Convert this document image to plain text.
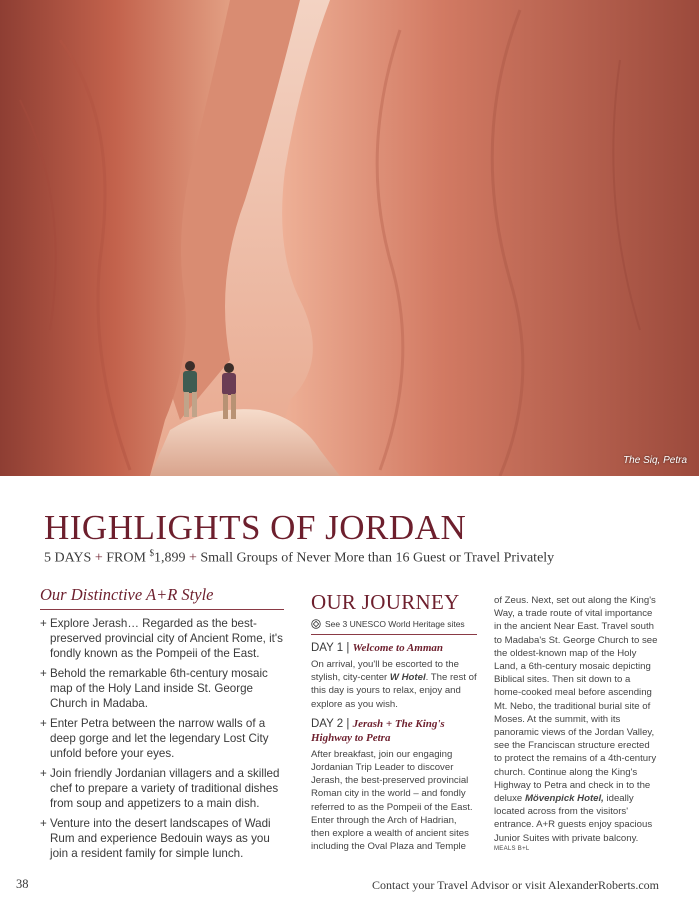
The Siq, Petra
HIGHLIGHTS OF JORDAN
5 DAYS + FROM $1,899 + Small Groups of Never More than 16 Guest or Travel Privately
Our Distinctive A+R Style
+ Explore Jerash… Regarded as the best-preserved provincial city of Ancient Rome, it's fondly known as the Pompeii of the East.
+ Behold the remarkable 6th-century mosaic map of the Holy Land inside St. George Church in Madaba.
+ Enter Petra between the narrow walls of a deep gorge and let the legendary Lost City unfold before your eyes.
+ Join friendly Jordanian villagers and a skilled chef to prepare a variety of traditional dishes from soup and appetizers to a main dish.
+ Venture into the desert landscapes of Wadi Rum and experience Bedouin ways as you join a resident family for simple lunch.
OUR JOURNEY
See 3 UNESCO World Heritage sites
DAY 1 | Welcome to Amman
On arrival, you'll be escorted to the stylish, city-center W Hotel. The rest of this day is yours to relax, enjoy and explore as you wish.
DAY 2 | Jerash + The King's Highway to Petra
After breakfast, join our engaging Jordanian Trip Leader to discover Jerash, the best-preserved provincial Roman city in the world – and fondly referred to as the Pompeii of the East. Enter through the Arch of Hadrian, then explore a wealth of ancient sites including the Oval Plaza and Temple
of Zeus. Next, set out along the King's Way, a trade route of vital importance in the ancient Near East. Travel south to Madaba's St. George Church to see the oldest-known map of the Holy Land, a 6th-century mosaic depicting Biblical sites. Then sit down to a home-cooked meal before ascending Mt. Nebo, the traditional burial site of Moses. At the summit, with its panoramic views of the Jordan Valley, see the Franciscan structure erected to protect the remains of a 4th-century church. Continue along the King's Highway to Petra and check in to the deluxe Mövenpick Hotel, ideally located across from the visitors' entrance. A+R guests enjoy spacious Junior Suites with private balcony.
MEALS B+L
38	Contact your Travel Advisor or visit AlexanderRoberts.com
